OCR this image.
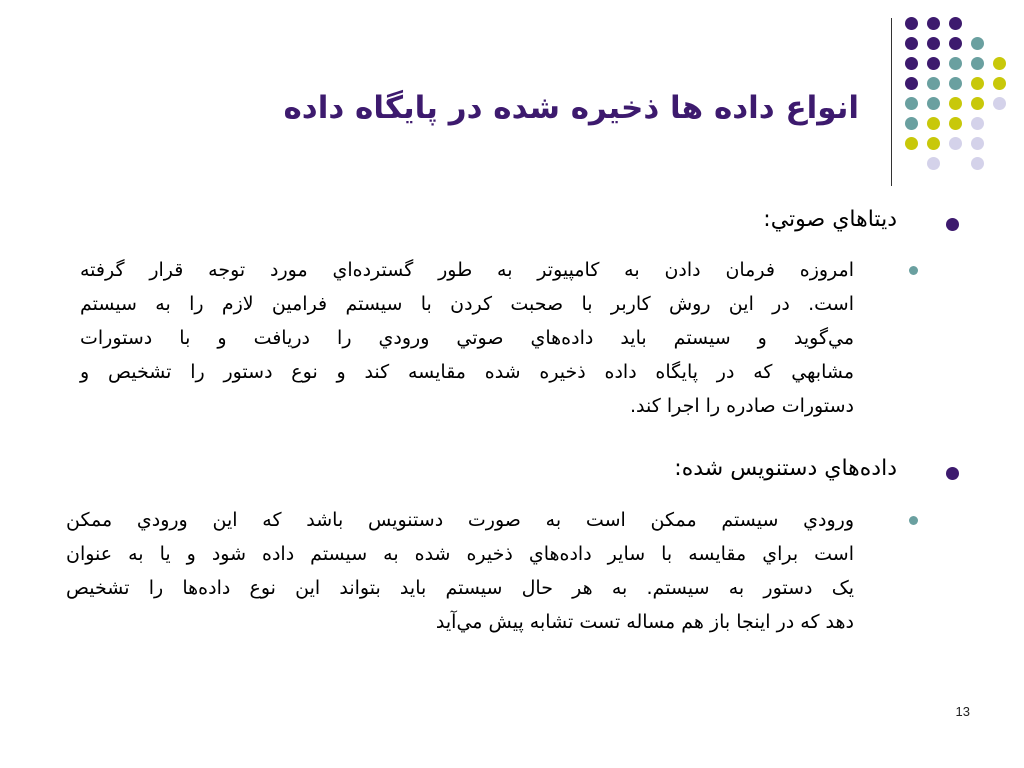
انواع داده ها ذخيره شده در پايگاه داده
ديتاهاي صوتي:
امروزه فرمان دادن به کامپيوتر به طور گسترده‌اي مورد توجه قرار گرفته
است. در اين روش کاربر با صحبت کردن با سيستم فرامين لازم را به سيستم
مي‌گويد و سيستم بايد داده‌هاي صوتي ورودي را دريافت و با دستورات
مشابهي که در پايگاه داده ذخيره شده مقايسه کند و نوع دستور را تشخيص و
دستورات صادره را اجرا کند.
داده‌هاي دستنويس شده:
ورودي سيستم ممکن است به صورت دستنويس باشد که اين ورودي ممکن
است براي مقايسه با ساير داده‌هاي ذخيره شده به سيستم داده شود و يا به عنوان
يک دستور به سيستم. به هر حال سيستم بايد بتواند اين نوع داده‌ها را تشخيص
دهد که در اينجا باز هم مساله تست تشابه پيش مي‌آيد
13
